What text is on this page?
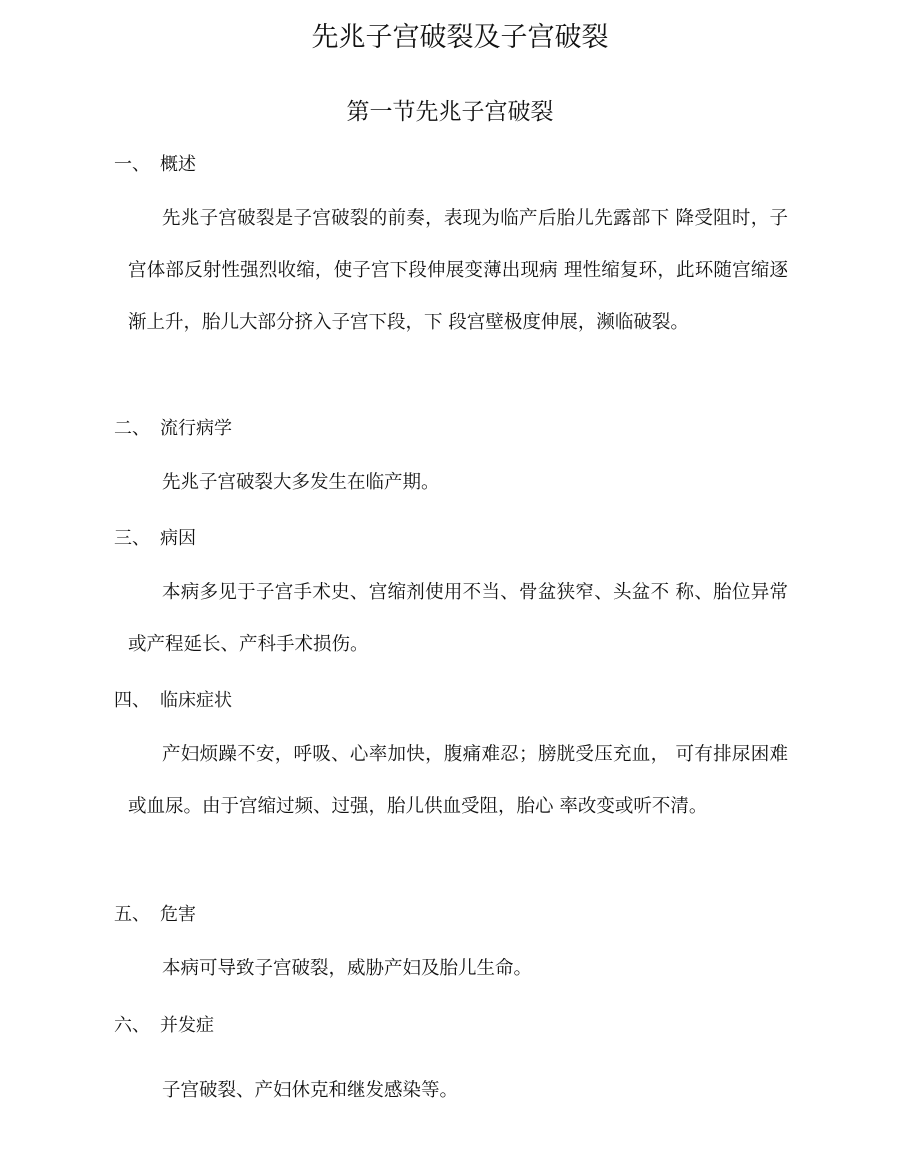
先兆子宫破裂及子宫破裂
第一节先兆子宫破裂
一、 概述

先兆子宫破裂是子宫破裂的前奏，表现为临产后胎儿先露部下 降受阻时，子宫体部反射性强烈收缩，使子宫下段伸展变薄出现病 理性缩复环，此环随宫缩逐渐上升，胎儿大部分挤入子宫下段，下 段宫壁极度伸展，濒临破裂。

二、 流行病学
先兆子宫破裂大多发生在临产期。
三、 病因

本病多见于子宫手术史、宫缩剂使用不当、骨盆狭窄、头盆不 称、胎位异常或产程延长、产科手术损伤。

四、 临床症状

产妇烦躁不安，呼吸、心率加快，腹痛难忍；膀胱受压充血， 可有排尿困难或血尿。由于宫缩过频、过强，胎儿供血受阻，胎心 率改变或听不清。

五、 危害
本病可导致子宫破裂，威胁产妇及胎儿生命。
六、 并发症
子宫破裂、产妇休克和继发感染等。
